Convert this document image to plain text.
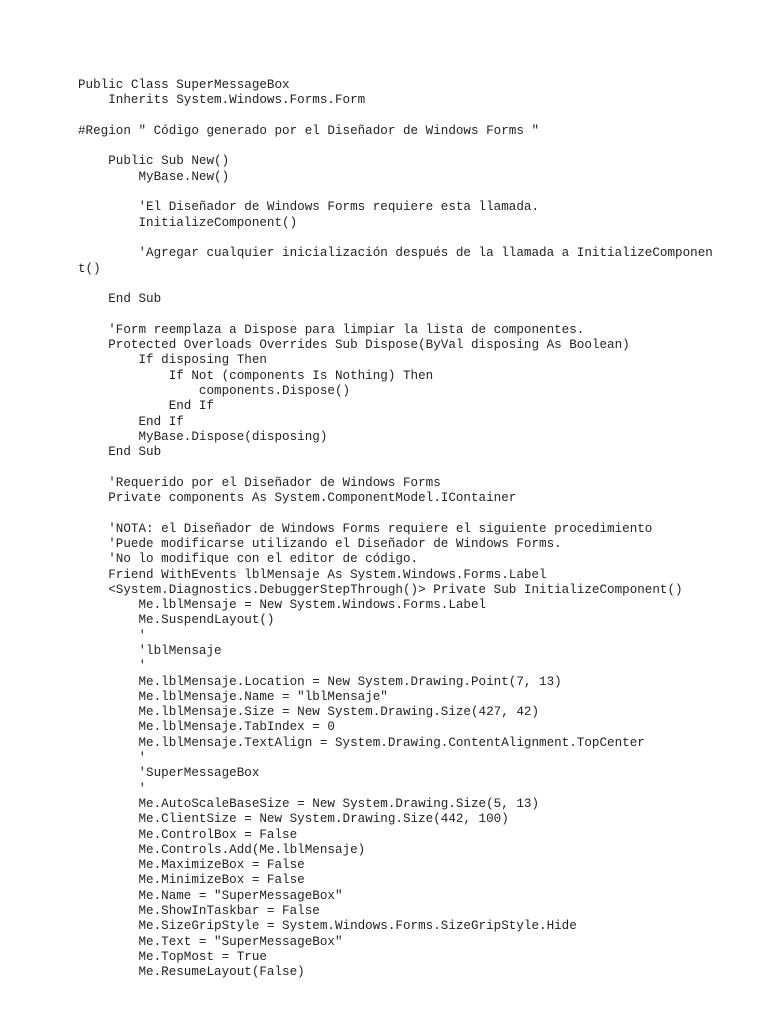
Public Class SuperMessageBox
Inherits System.Windows.Forms.Form
#Region " Código generado por el Diseñador de Windows Forms "
Public Sub New()
MyBase.New()
'El Diseñador de Windows Forms requiere esta llamada.
InitializeComponent()
'Agregar cualquier inicialización después de la llamada a InitializeComponen
t()
End Sub
'Form reemplaza a Dispose para limpiar la lista de componentes.
Protected Overloads Overrides Sub Dispose(ByVal disposing As Boolean)
If disposing Then
If Not (components Is Nothing) Then
components.Dispose()
End If
End If
MyBase.Dispose(disposing)
End Sub
'Requerido por el Diseñador de Windows Forms
Private components As System.ComponentModel.IContainer
'NOTA: el Diseñador de Windows Forms requiere el siguiente procedimiento
'Puede modificarse utilizando el Diseñador de Windows Forms.
'No lo modifique con el editor de código.
Friend WithEvents lblMensaje As System.Windows.Forms.Label
<System.Diagnostics.DebuggerStepThrough()> Private Sub InitializeComponent()
Me.lblMensaje = New System.Windows.Forms.Label
Me.SuspendLayout()
'
'lblMensaje
'
Me.lblMensaje.Location = New System.Drawing.Point(7, 13)
Me.lblMensaje.Name = "lblMensaje"
Me.lblMensaje.Size = New System.Drawing.Size(427, 42)
Me.lblMensaje.TabIndex = 0
Me.lblMensaje.TextAlign = System.Drawing.ContentAlignment.TopCenter
'
'SuperMessageBox
'
Me.AutoScaleBaseSize = New System.Drawing.Size(5, 13)
Me.ClientSize = New System.Drawing.Size(442, 100)
Me.ControlBox = False
Me.Controls.Add(Me.lblMensaje)
Me.MaximizeBox = False
Me.MinimizeBox = False
Me.Name = "SuperMessageBox"
Me.ShowInTaskbar = False
Me.SizeGripStyle = System.Windows.Forms.SizeGripStyle.Hide
Me.Text = "SuperMessageBox"
Me.TopMost = True
Me.ResumeLayout(False)
